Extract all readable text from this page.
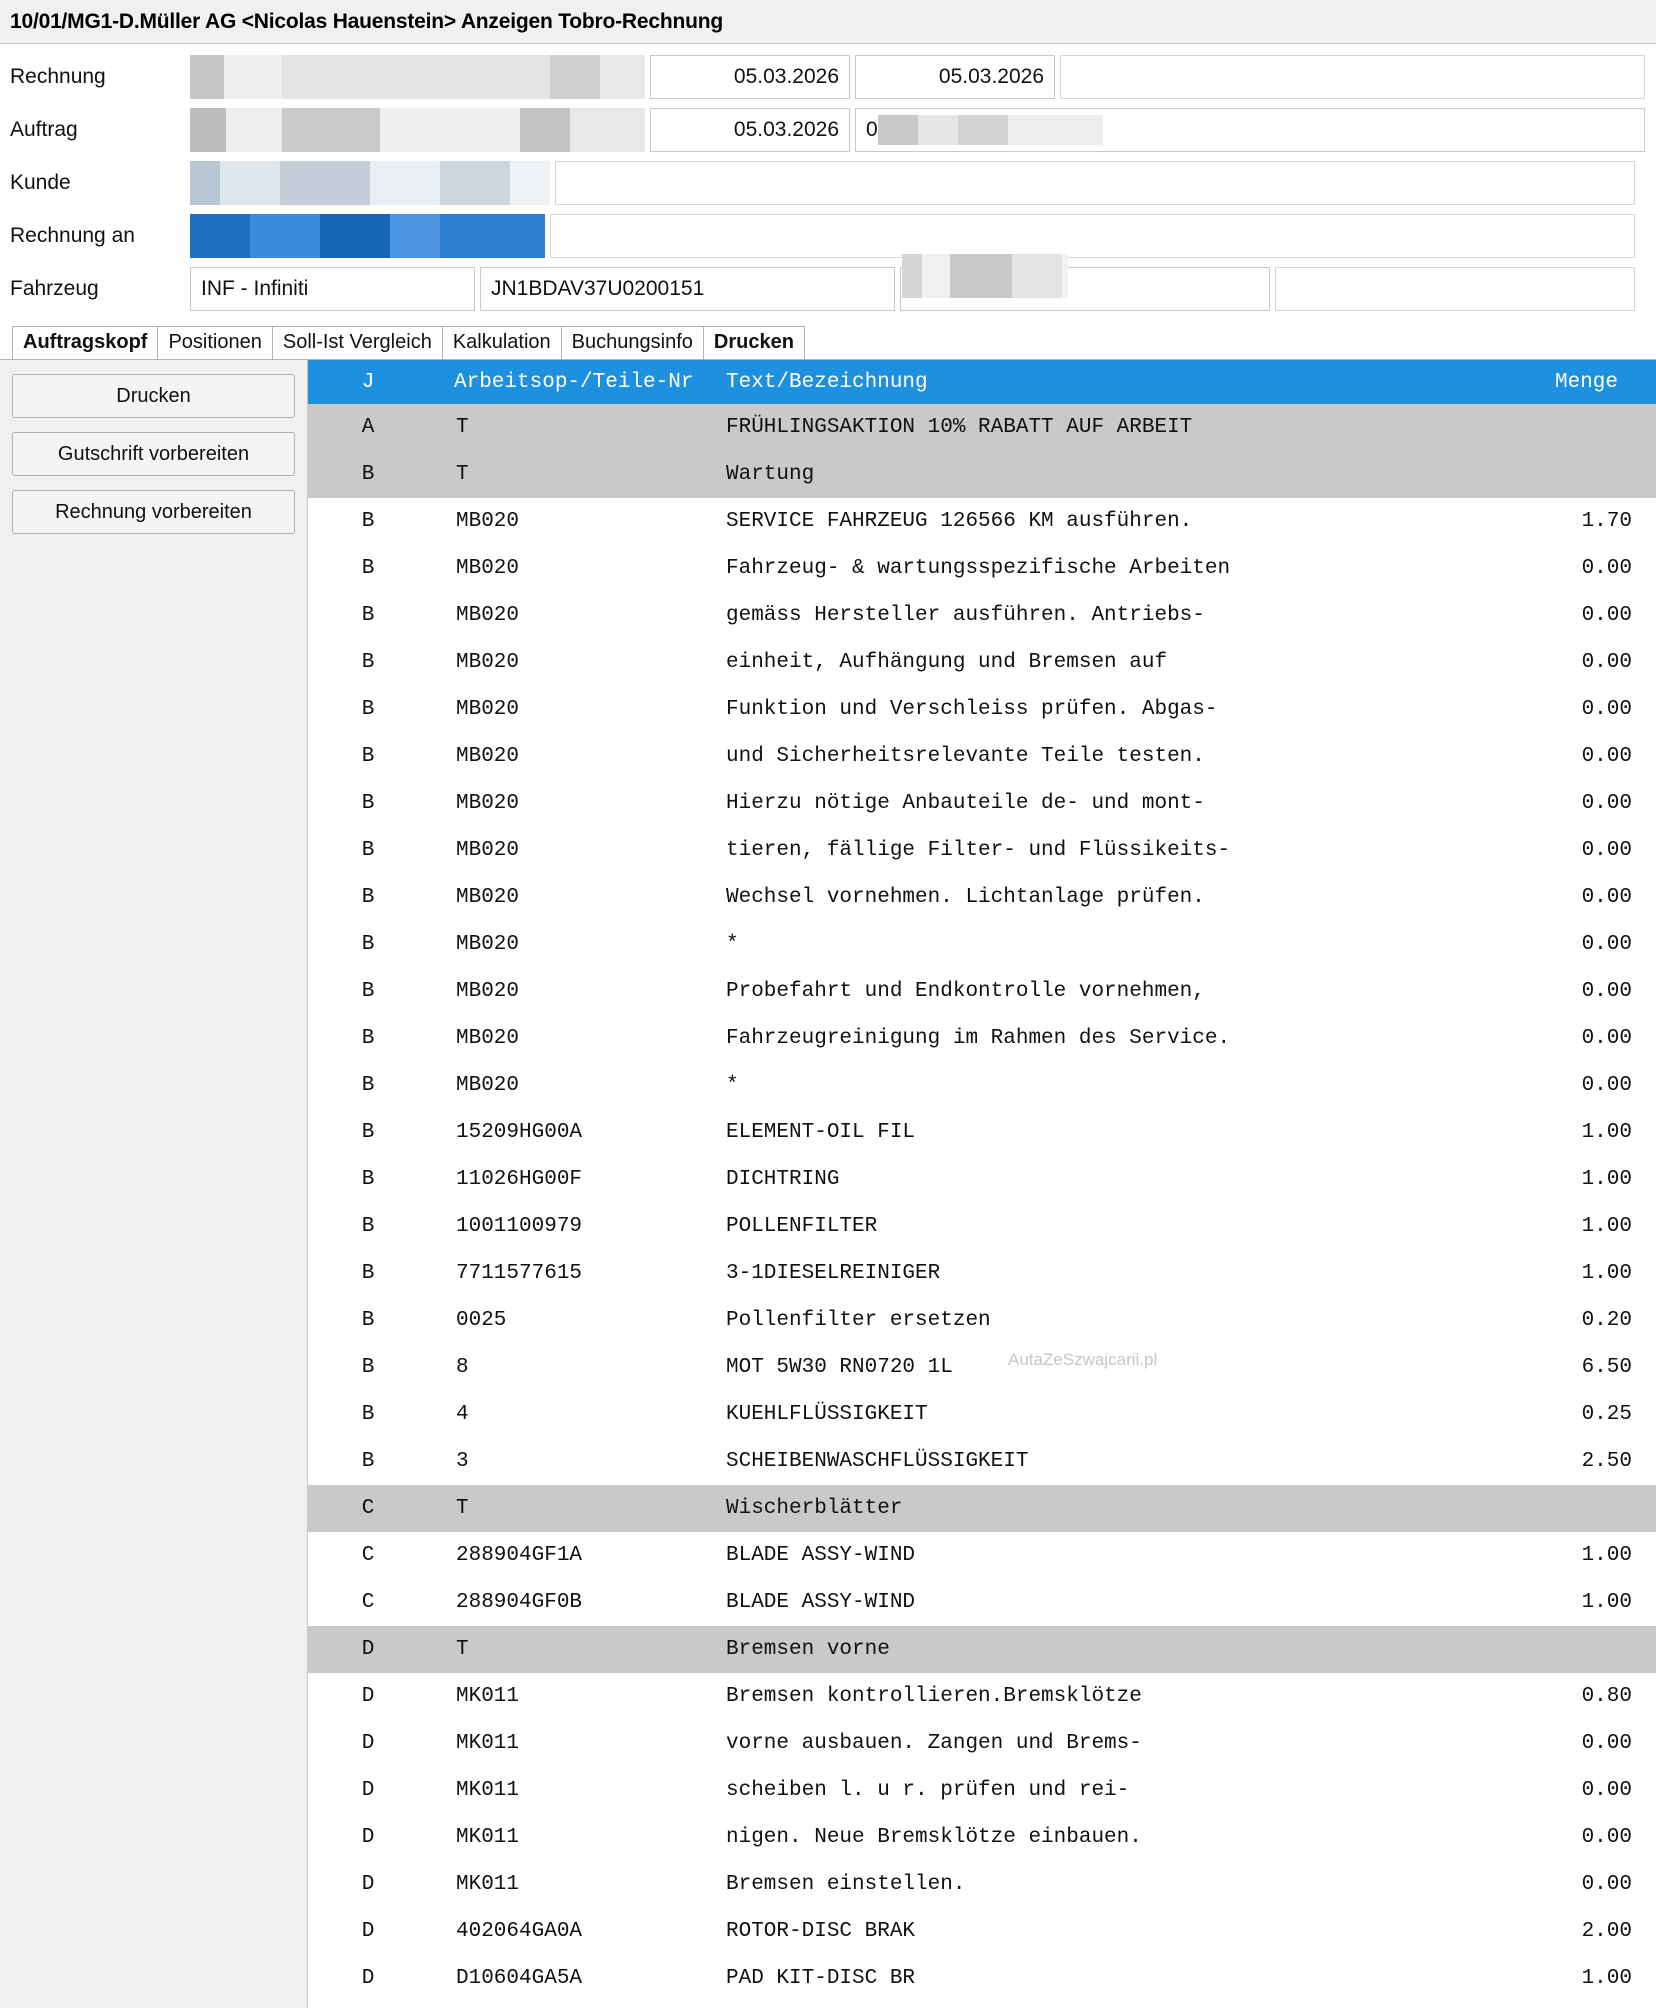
10/01/MG1-D.Müller AG <Nicolas Hauenstein> Anzeigen Tobro-Rechnung
Rechnung	05.03.2026	05.03.2026
Auftrag	05.03.2026	0
Kunde
Rechnung an
Fahrzeug	INF - Infiniti	JN1BDAV37U0200151
Auftragskopf	Positionen	Soll-Ist Vergleich	Kalkulation	Buchungsinfo	Drucken
Drucken
Gutschrift vorbereiten
Rechnung vorbereiten
J	Arbeitsop-/Teile-Nr	Text/Bezeichnung	Menge
A	T	FRÜHLINGSAKTION 10% RABATT AUF ARBEIT
B	T	Wartung
B	MB020	SERVICE FAHRZEUG 126566 KM ausführen.	1.70
B	MB020	Fahrzeug- & wartungsspezifische Arbeiten	0.00
B	MB020	gemäss Hersteller ausführen. Antriebs-	0.00
B	MB020	einheit, Aufhängung und Bremsen auf	0.00
B	MB020	Funktion und Verschleiss prüfen. Abgas-	0.00
B	MB020	und Sicherheitsrelevante Teile testen.	0.00
B	MB020	Hierzu nötige Anbauteile de- und mont-	0.00
B	MB020	tieren, fällige Filter- und Flüssikeits-	0.00
B	MB020	Wechsel vornehmen. Lichtanlage prüfen.	0.00
B	MB020	*	0.00
B	MB020	Probefahrt und Endkontrolle vornehmen,	0.00
B	MB020	Fahrzeugreinigung im Rahmen des Service.	0.00
B	MB020	*	0.00
B	15209HG00A	ELEMENT-OIL FIL	1.00
B	11026HG00F	DICHTRING	1.00
B	1001100979	POLLENFILTER	1.00
B	7711577615	3-1DIESELREINIGER	1.00
B	0025	Pollenfilter ersetzen	0.20
B	8	MOT 5W30 RN0720 1L	6.50
B	4	KUEHLFLÜSSIGKEIT	0.25
B	3	SCHEIBENWASCHFLÜSSIGKEIT	2.50
C	T	Wischerblätter
C	288904GF1A	BLADE ASSY-WIND	1.00
C	288904GF0B	BLADE ASSY-WIND	1.00
D	T	Bremsen vorne
D	MK011	Bremsen kontrollieren.Bremsklötze	0.80
D	MK011	vorne ausbauen. Zangen und Brems-	0.00
D	MK011	scheiben l. u r. prüfen und rei-	0.00
D	MK011	nigen. Neue Bremsklötze einbauen.	0.00
D	MK011	Bremsen einstellen.	0.00
D	402064GA0A	ROTOR-DISC BRAK	2.00
D	D10604GA5A	PAD KIT-DISC BR	1.00
AutaZeSzwajcarii.pl
